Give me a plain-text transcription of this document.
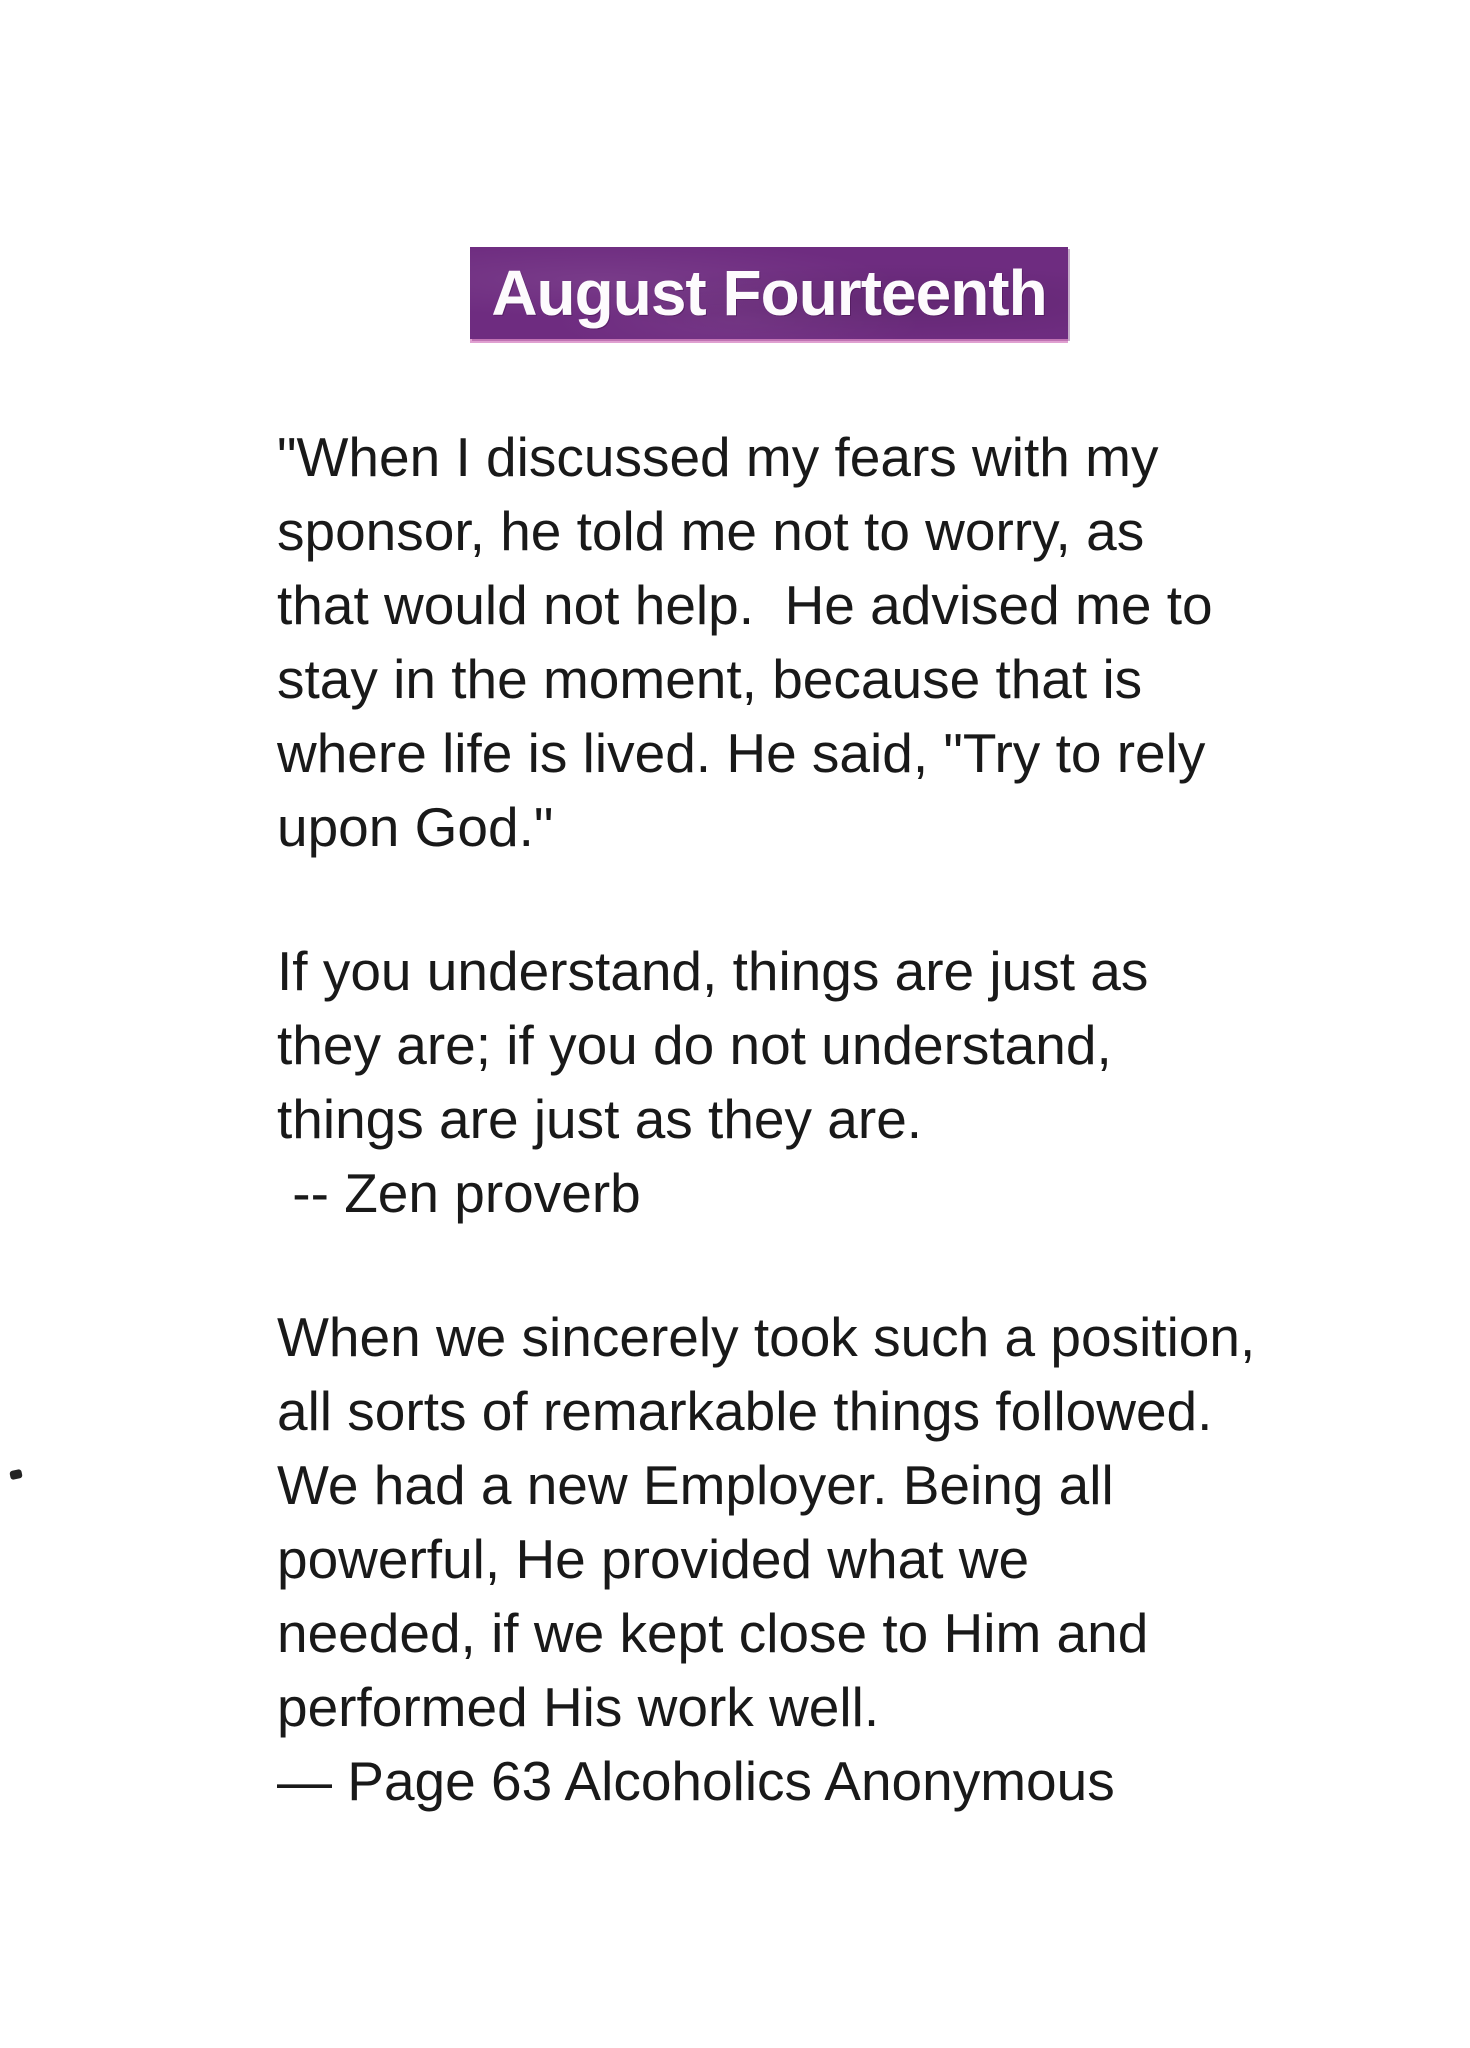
August Fourteenth
"When I discussed my fears with my
sponsor, he told me not to worry, as
that would not help.  He advised me to
stay in the moment, because that is
where life is lived. He said, "Try to rely
upon God."
If you understand, things are just as
they are; if you do not understand,
things are just as they are.
-- Zen proverb
When we sincerely took such a position,
all sorts of remarkable things followed.
We had a new Employer. Being all
powerful, He provided what we
needed, if we kept close to Him and
performed His work well.
— Page 63 Alcoholics Anonymous
